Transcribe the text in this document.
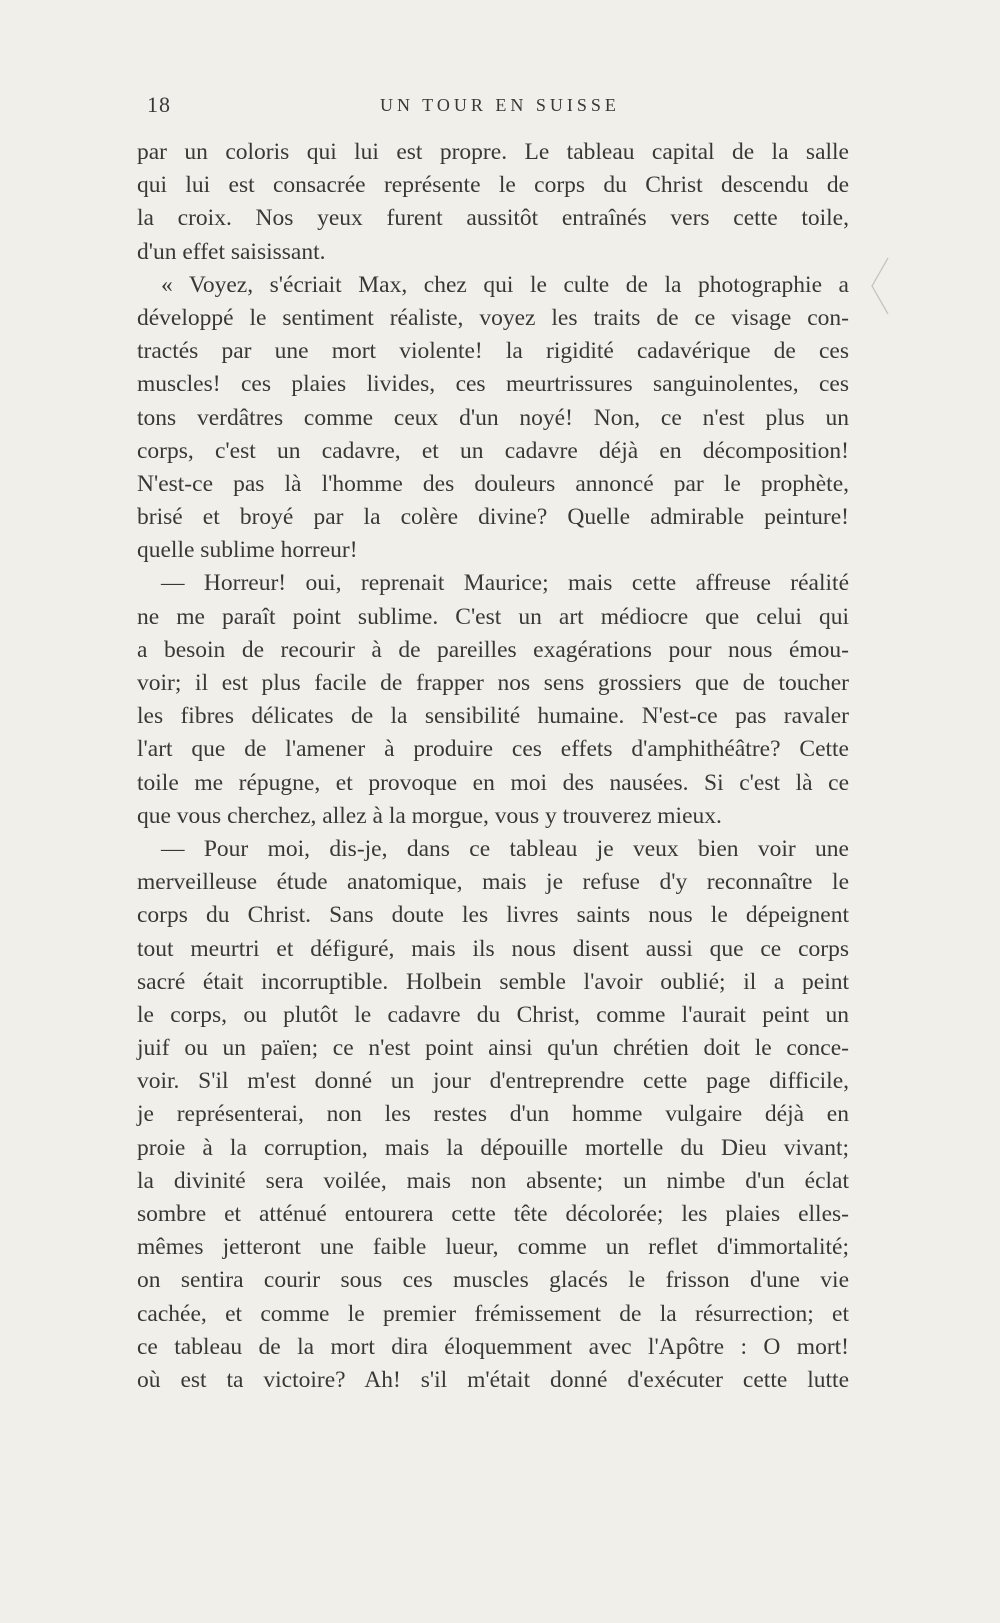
18	UN TOUR EN SUISSE
par un coloris qui lui est propre. Le tableau capital de la salle
qui lui est consacrée représente le corps du Christ descendu de
la croix. Nos yeux furent aussitôt entraînés vers cette toile,
d'un effet saisissant.
« Voyez, s'écriait Max, chez qui le culte de la photographie a
développé le sentiment réaliste, voyez les traits de ce visage con-
tractés par une mort violente! la rigidité cadavérique de ces
muscles! ces plaies livides, ces meurtrissures sanguinolentes, ces
tons verdâtres comme ceux d'un noyé! Non, ce n'est plus un
corps, c'est un cadavre, et un cadavre déjà en décomposition!
N'est-ce pas là l'homme des douleurs annoncé par le prophète,
brisé et broyé par la colère divine? Quelle admirable peinture!
quelle sublime horreur!
— Horreur! oui, reprenait Maurice; mais cette affreuse réalité
ne me paraît point sublime. C'est un art médiocre que celui qui
a besoin de recourir à de pareilles exagérations pour nous émou-
voir; il est plus facile de frapper nos sens grossiers que de toucher
les fibres délicates de la sensibilité humaine. N'est-ce pas ravaler
l'art que de l'amener à produire ces effets d'amphithéâtre? Cette
toile me répugne, et provoque en moi des nausées. Si c'est là ce
que vous cherchez, allez à la morgue, vous y trouverez mieux.
— Pour moi, dis-je, dans ce tableau je veux bien voir une
merveilleuse étude anatomique, mais je refuse d'y reconnaître le
corps du Christ. Sans doute les livres saints nous le dépeignent
tout meurtri et défiguré, mais ils nous disent aussi que ce corps
sacré était incorruptible. Holbein semble l'avoir oublié; il a peint
le corps, ou plutôt le cadavre du Christ, comme l'aurait peint un
juif ou un païen; ce n'est point ainsi qu'un chrétien doit le conce-
voir. S'il m'est donné un jour d'entreprendre cette page difficile,
je représenterai, non les restes d'un homme vulgaire déjà en
proie à la corruption, mais la dépouille mortelle du Dieu vivant;
la divinité sera voilée, mais non absente; un nimbe d'un éclat
sombre et atténué entourera cette tête décolorée; les plaies elles-
mêmes jetteront une faible lueur, comme un reflet d'immortalité;
on sentira courir sous ces muscles glacés le frisson d'une vie
cachée, et comme le premier frémissement de la résurrection; et
ce tableau de la mort dira éloquemment avec l'Apôtre : O mort!
où est ta victoire? Ah! s'il m'était donné d'exécuter cette lutte
